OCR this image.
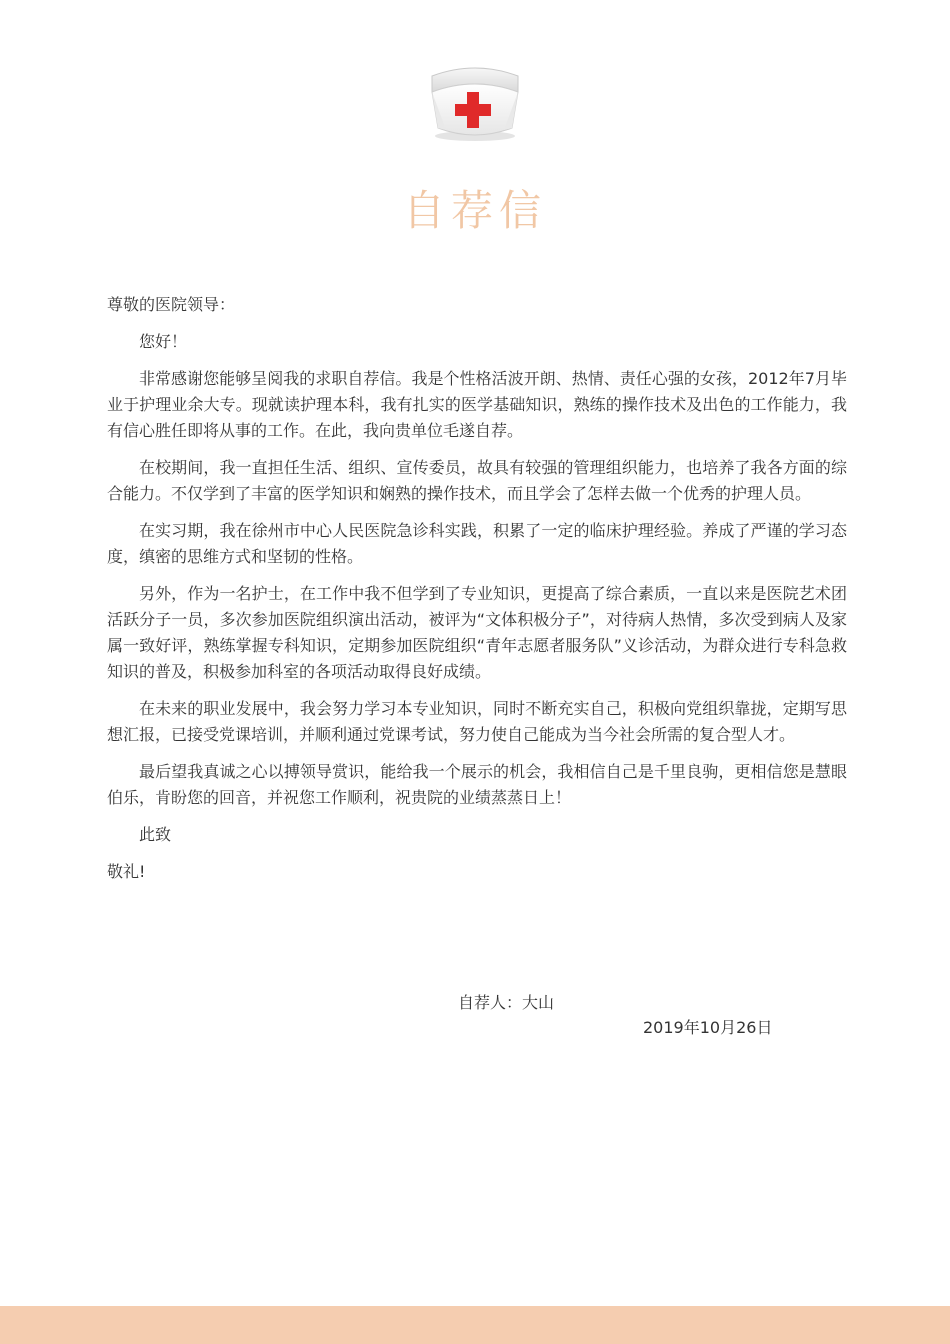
自荐信

尊敬的医院领导：

您好！

非常感谢您能够呈阅我的求职自荐信。我是个性格活波开朗、热情、责任心强的女孩，2012年7月毕业于护理业余大专。现就读护理本科，我有扎实的医学基础知识，熟练的操作技术及出色的工作能力，我有信心胜任即将从事的工作。在此，我向贵单位毛遂自荐。

在校期间，我一直担任生活、组织、宣传委员，故具有较强的管理组织能力，也培养了我各方面的综合能力。不仅学到了丰富的医学知识和娴熟的操作技术，而且学会了怎样去做一个优秀的护理人员。

在实习期，我在徐州市中心人民医院急诊科实践，积累了一定的临床护理经验。养成了严谨的学习态度，缜密的思维方式和坚韧的性格。

另外，作为一名护士，在工作中我不但学到了专业知识，更提高了综合素质，一直以来是医院艺术团活跃分子一员，多次参加医院组织演出活动，被评为“文体积极分子”，对待病人热情，多次受到病人及家属一致好评，熟练掌握专科知识，定期参加医院组织“青年志愿者服务队”义诊活动，为群众进行专科急救知识的普及，积极参加科室的各项活动取得良好成绩。

在未来的职业发展中，我会努力学习本专业知识，同时不断充实自己，积极向党组织靠拢，定期写思想汇报，已接受党课培训，并顺利通过党课考试，努力使自己能成为当今社会所需的复合型人才。

最后望我真诚之心以搏领导赏识，能给我一个展示的机会，我相信自己是千里良驹，更相信您是慧眼伯乐，肯盼您的回音，并祝您工作顺利，祝贵院的业绩蒸蒸日上！

此致

敬礼!

自荐人：大山
2019年10月26日
